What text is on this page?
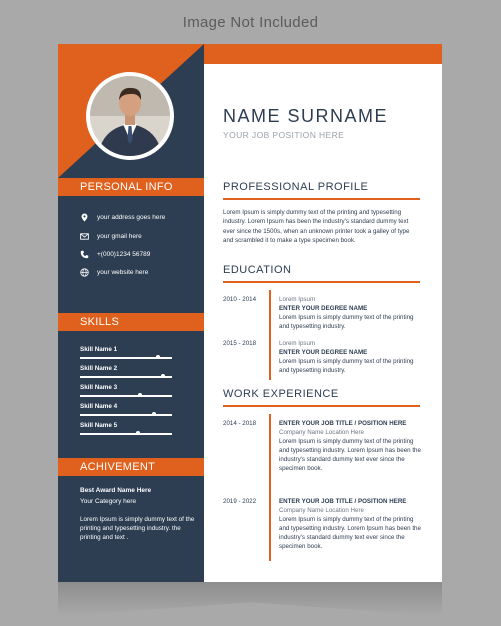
Image Not Included
PERSONAL INFO
your address goes here
your gmail here
+(000)1234 56789
your website here
SKILLS
Skill Name 1
Skill Name 2
Skill Name 3
Skill Name 4
Skill Name 5
ACHIVEMENT
Best Award Name Here
Your Category here
Lorem Ipsum is simply dummy text of the printing and typesetting industry. the printing and text .
NAME SURNAME
YOUR JOB POSITION HERE
PROFESSIONAL PROFILE
Lorem Ipsum is simply dummy text of the printing and typesetting industry. Lorem Ipsum has been the industry's standard dummy text ever since the 1500s, when an unknown printer took a galley of type and scrambled it to make a type specimen book.
EDUCATION
2010 - 2014	Lorem Ipsum
ENTER YOUR DEGREE NAME
Lorem Ipsum is simply dummy text of the printing and typesetting industry.
2015 - 2018	Lorem Ipsum
ENTER YOUR DEGREE NAME
Lorem Ipsum is simply dummy text of the printing and typesetting industry.
WORK EXPERIENCE
2014 - 2018	ENTER YOUR JOB TITLE / POSITION HERE
Company Name Location Here
Lorem Ipsum is simply dummy text of the printing and typesetting industry. Lorem Ipsum has been the industry's standard dummy text ever since the specimen book.
2019 - 2022	ENTER YOUR JOB TITLE / POSITION HERE
Company Name Location Here
Lorem Ipsum is simply dummy text of the printing and typesetting industry. Lorem Ipsum has been the industry's standard dummy text ever since the specimen book.
